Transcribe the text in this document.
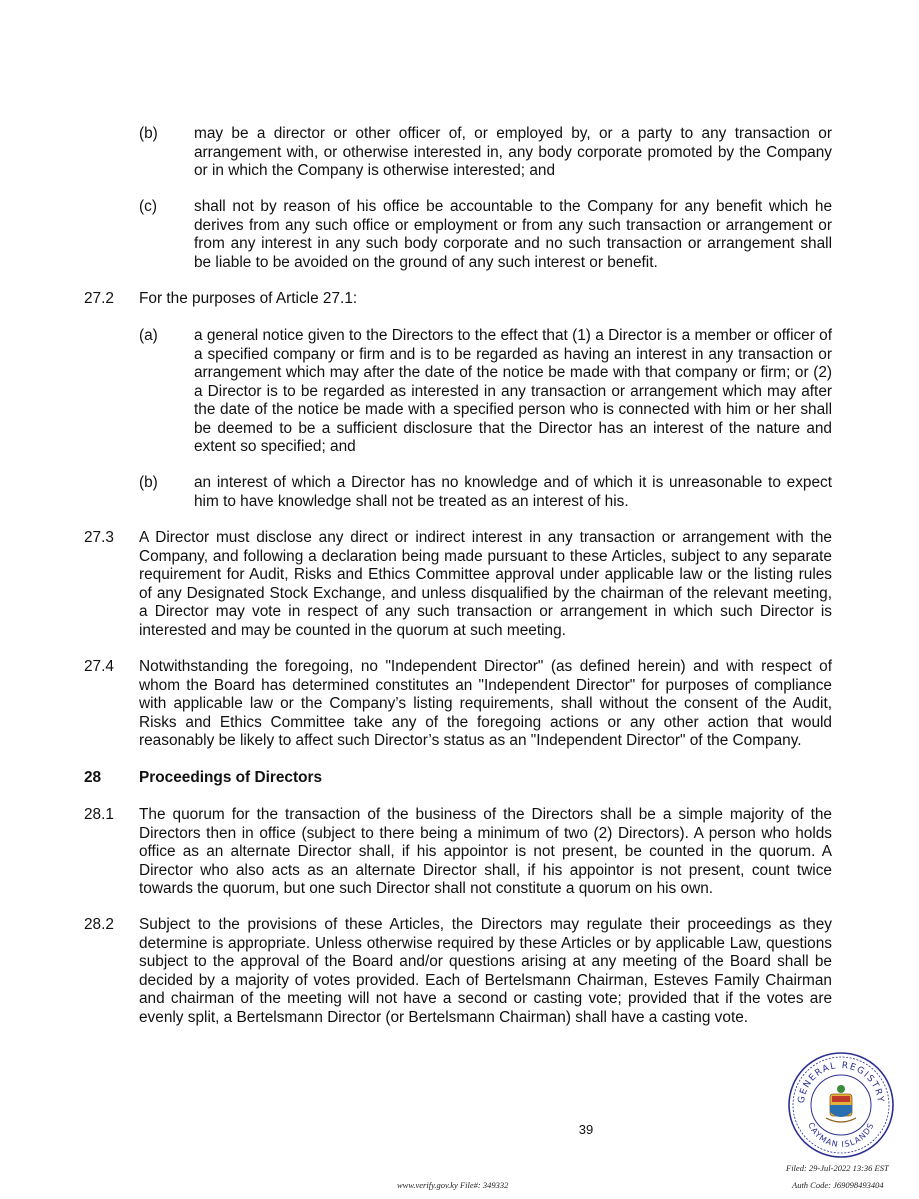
(b) may be a director or other officer of, or employed by, or a party to any transaction or arrangement with, or otherwise interested in, any body corporate promoted by the Company or in which the Company is otherwise interested; and
(c) shall not by reason of his office be accountable to the Company for any benefit which he derives from any such office or employment or from any such transaction or arrangement or from any interest in any such body corporate and no such transaction or arrangement shall be liable to be avoided on the ground of any such interest or benefit.
27.2 For the purposes of Article 27.1:
(a) a general notice given to the Directors to the effect that (1) a Director is a member or officer of a specified company or firm and is to be regarded as having an interest in any transaction or arrangement which may after the date of the notice be made with that company or firm; or (2) a Director is to be regarded as interested in any transaction or arrangement which may after the date of the notice be made with a specified person who is connected with him or her shall be deemed to be a sufficient disclosure that the Director has an interest of the nature and extent so specified; and
(b) an interest of which a Director has no knowledge and of which it is unreasonable to expect him to have knowledge shall not be treated as an interest of his.
27.3 A Director must disclose any direct or indirect interest in any transaction or arrangement with the Company, and following a declaration being made pursuant to these Articles, subject to any separate requirement for Audit, Risks and Ethics Committee approval under applicable law or the listing rules of any Designated Stock Exchange, and unless disqualified by the chairman of the relevant meeting, a Director may vote in respect of any such transaction or arrangement in which such Director is interested and may be counted in the quorum at such meeting.
27.4 Notwithstanding the foregoing, no "Independent Director" (as defined herein) and with respect of whom the Board has determined constitutes an "Independent Director" for purposes of compliance with applicable law or the Company’s listing requirements, shall without the consent of the Audit, Risks and Ethics Committee take any of the foregoing actions or any other action that would reasonably be likely to affect such Director’s status as an "Independent Director" of the Company.
28 Proceedings of Directors
28.1 The quorum for the transaction of the business of the Directors shall be a simple majority of the Directors then in office (subject to there being a minimum of two (2) Directors). A person who holds office as an alternate Director shall, if his appointor is not present, be counted in the quorum. A Director who also acts as an alternate Director shall, if his appointor is not present, count twice towards the quorum, but one such Director shall not constitute a quorum on his own.
28.2 Subject to the provisions of these Articles, the Directors may regulate their proceedings as they determine is appropriate. Unless otherwise required by these Articles or by applicable Law, questions subject to the approval of the Board and/or questions arising at any meeting of the Board shall be decided by a majority of votes provided. Each of Bertelsmann Chairman, Esteves Family Chairman and chairman of the meeting will not have a second or casting vote; provided that if the votes are evenly split, a Bertelsmann Director (or Bertelsmann Chairman) shall have a casting vote.
39
GENERAL REGISTRY
CAYMAN ISLANDS
www.verify.gov.ky File#: 349332
Filed: 29-Jul-2022 13:36 EST
Auth Code: J69098493404
